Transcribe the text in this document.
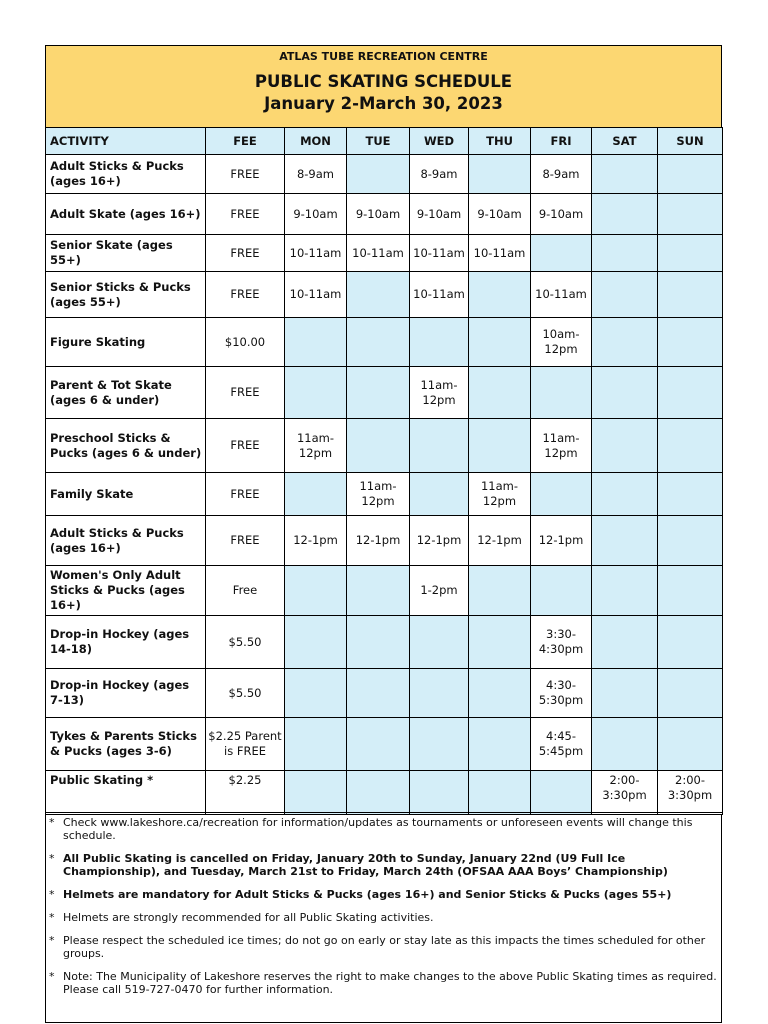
ATLAS TUBE RECREATION CENTRE
PUBLIC SKATING SCHEDULE
January 2-March 30, 2023
ACTIVITY	FEE	MON	TUE	WED	THU	FRI	SAT	SUN
Adult Sticks & Pucks (ages 16+)	FREE	8-9am		8-9am		8-9am		
Adult Skate (ages 16+)	FREE	9-10am	9-10am	9-10am	9-10am	9-10am		
Senior Skate (ages 55+)	FREE	10-11am	10-11am	10-11am	10-11am			
Senior Sticks & Pucks (ages 55+)	FREE	10-11am		10-11am		10-11am		
Figure Skating	$10.00					10am-12pm		
Parent & Tot Skate (ages 6 & under)	FREE			11am-12pm				
Preschool Sticks & Pucks (ages 6 & under)	FREE	11am-12pm				11am-12pm		
Family Skate	FREE		11am-12pm		11am-12pm			
Adult Sticks & Pucks (ages 16+)	FREE	12-1pm	12-1pm	12-1pm	12-1pm	12-1pm		
Women's Only Adult Sticks & Pucks (ages 16+)	Free			1-2pm				
Drop-in Hockey (ages 14-18)	$5.50					3:30-4:30pm		
Drop-in Hockey (ages 7-13)	$5.50					4:30-5:30pm		
Tykes & Parents Sticks & Pucks (ages 3-6)	$2.25 Parent is FREE					4:45-5:45pm		
Public Skating *	$2.25						2:00-3:30pm	2:00-3:30pm
* Check www.lakeshore.ca/recreation for information/updates as tournaments or unforeseen events will change this schedule.
* All Public Skating is cancelled on Friday, January 20th to Sunday, January 22nd (U9 Full Ice Championship), and Tuesday, March 21st to Friday, March 24th (OFSAA AAA Boys’ Championship)
* Helmets are mandatory for Adult Sticks & Pucks (ages 16+) and Senior Sticks & Pucks (ages 55+)
* Helmets are strongly recommended for all Public Skating activities.
* Please respect the scheduled ice times; do not go on early or stay late as this impacts the times scheduled for other groups.
* Note: The Municipality of Lakeshore reserves the right to make changes to the above Public Skating times as required. Please call 519-727-0470 for further information.
